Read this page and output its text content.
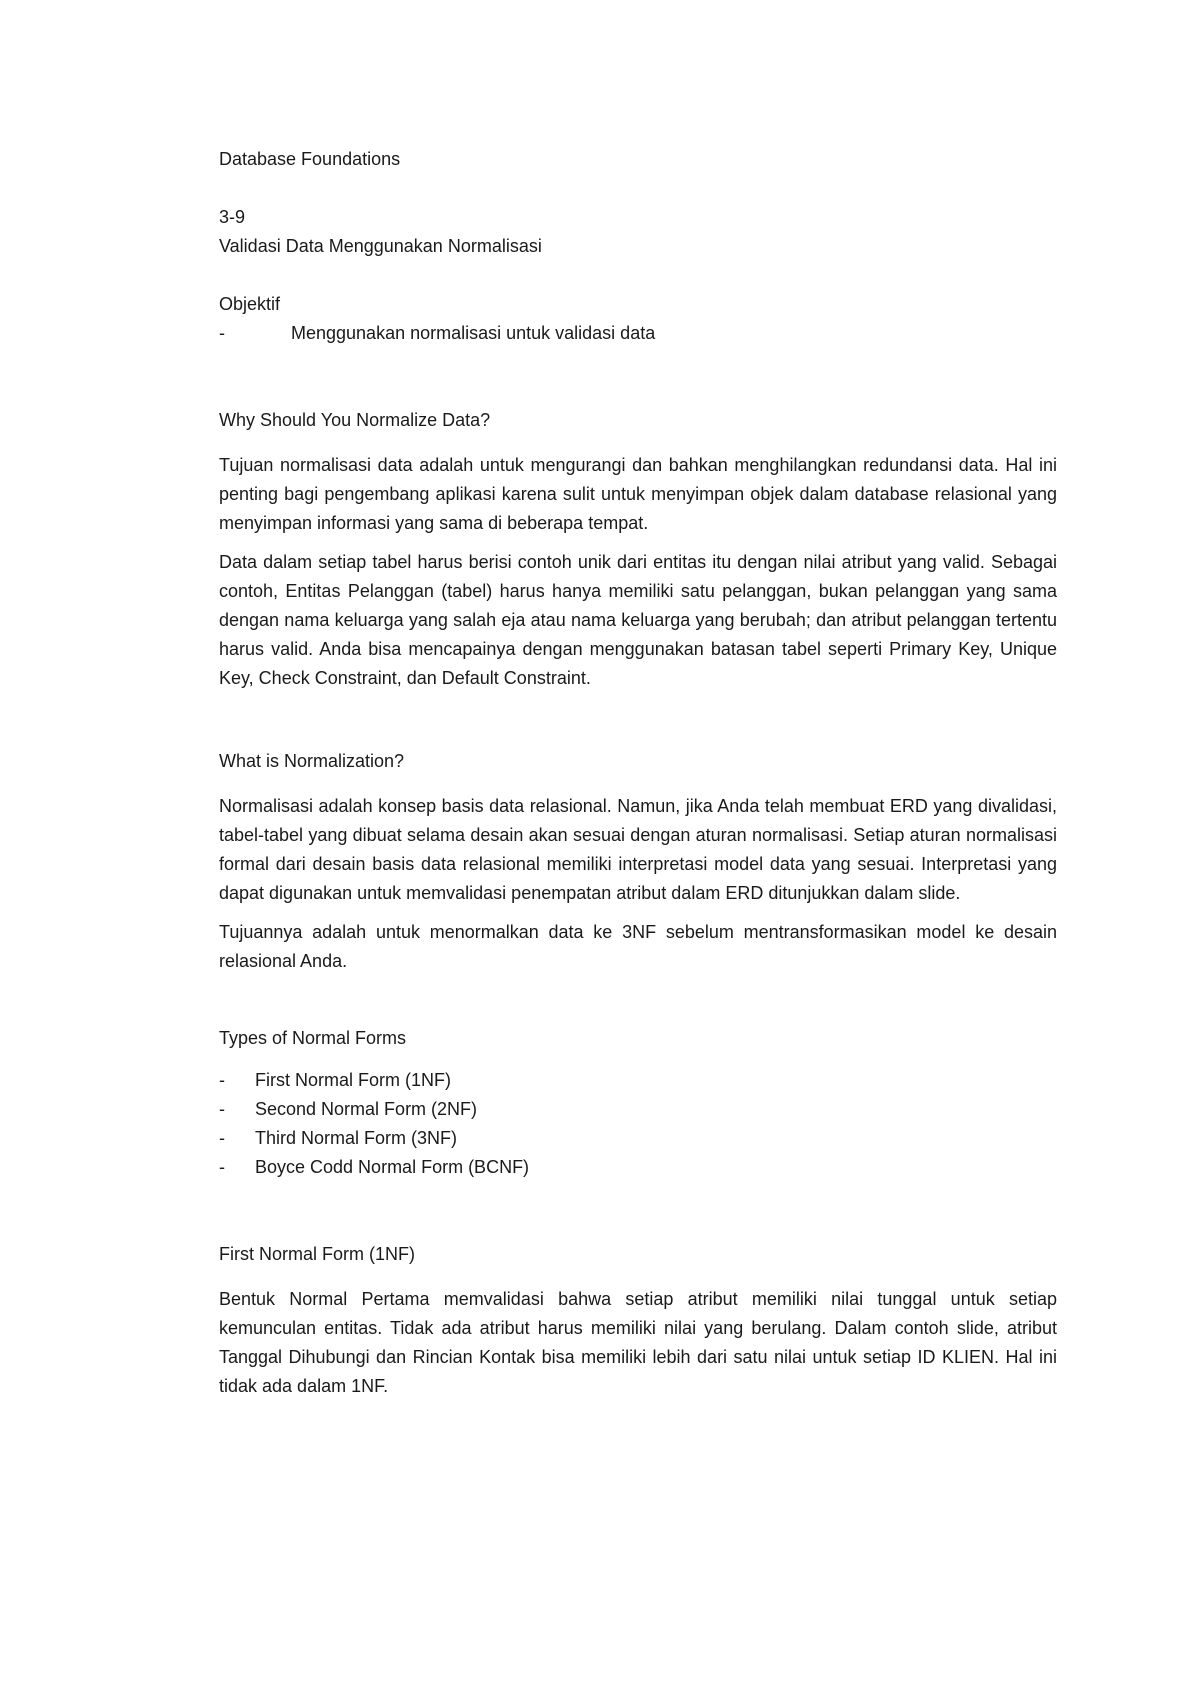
Database Foundations

3-9

Validasi Data Menggunakan Normalisasi

Objektif

-	Menggunakan normalisasi untuk validasi data

Why Should You Normalize Data?

Tujuan normalisasi data adalah untuk mengurangi dan bahkan menghilangkan redundansi data. Hal ini penting bagi pengembang aplikasi karena sulit untuk menyimpan objek dalam database relasional yang menyimpan informasi yang sama di beberapa tempat.

Data dalam setiap tabel harus berisi contoh unik dari entitas itu dengan nilai atribut yang valid. Sebagai contoh, Entitas Pelanggan (tabel) harus hanya memiliki satu pelanggan, bukan pelanggan yang sama dengan nama keluarga yang salah eja atau nama keluarga yang berubah; dan atribut pelanggan tertentu harus valid. Anda bisa mencapainya dengan menggunakan batasan tabel seperti Primary Key, Unique Key, Check Constraint, dan Default Constraint.

What is Normalization?

Normalisasi adalah konsep basis data relasional. Namun, jika Anda telah membuat ERD yang divalidasi, tabel-tabel yang dibuat selama desain akan sesuai dengan aturan normalisasi. Setiap aturan normalisasi formal dari desain basis data relasional memiliki interpretasi model data yang sesuai. Interpretasi yang dapat digunakan untuk memvalidasi penempatan atribut dalam ERD ditunjukkan dalam slide.

Tujuannya adalah untuk menormalkan data ke 3NF sebelum mentransformasikan model ke desain relasional Anda.

Types of Normal Forms

- First Normal Form (1NF)
- Second Normal Form (2NF)
- Third Normal Form (3NF)
- Boyce Codd Normal Form (BCNF)

First Normal Form (1NF)

Bentuk Normal Pertama memvalidasi bahwa setiap atribut memiliki nilai tunggal untuk setiap kemunculan entitas. Tidak ada atribut harus memiliki nilai yang berulang. Dalam contoh slide, atribut Tanggal Dihubungi dan Rincian Kontak bisa memiliki lebih dari satu nilai untuk setiap ID KLIEN. Hal ini tidak ada dalam 1NF.
